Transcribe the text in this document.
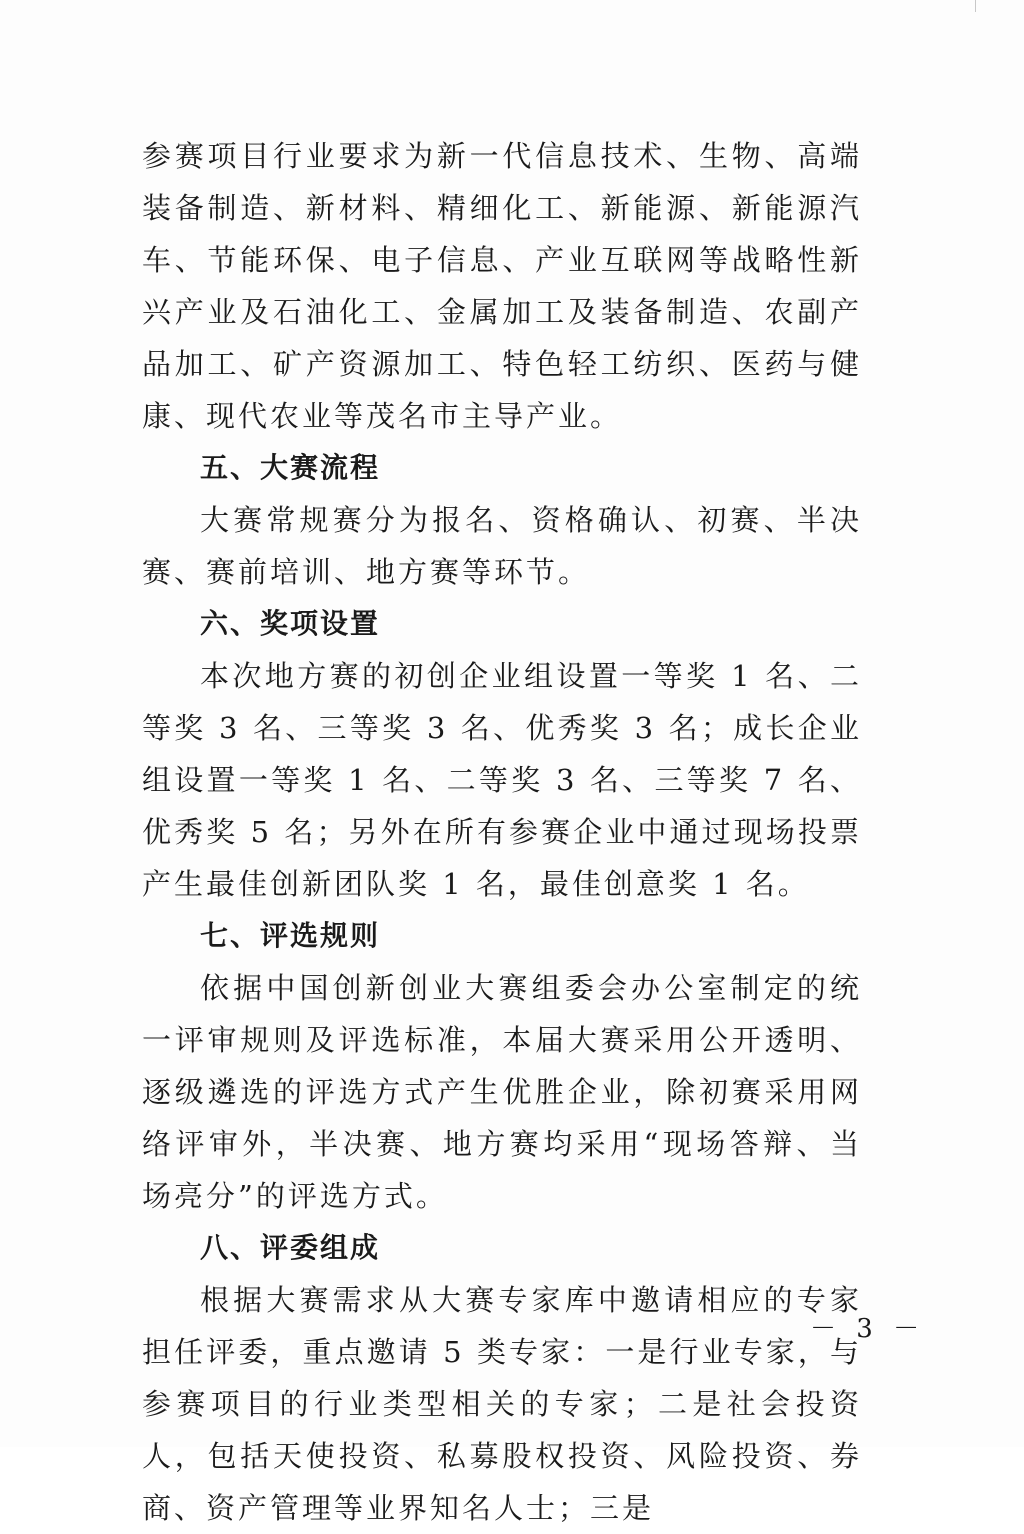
参赛项目行业要求为新一代信息技术、生物、高端装备制造、新材料、精细化工、新能源、新能源汽车、节能环保、电子信息、产业互联网等战略性新兴产业及石油化工、金属加工及装备制造、农副产品加工、矿产资源加工、特色轻工纺织、医药与健康、现代农业等茂名市主导产业。

五、大赛流程

大赛常规赛分为报名、资格确认、初赛、半决赛、赛前培训、地方赛等环节。

六、奖项设置

本次地方赛的初创企业组设置一等奖 1 名、二等奖 3 名、三等奖 3 名、优秀奖 3 名；成长企业组设置一等奖 1 名、二等奖 3 名、三等奖 7 名、优秀奖 5 名；另外在所有参赛企业中通过现场投票产生最佳创新团队奖 1 名，最佳创意奖 1 名。

七、评选规则

依据中国创新创业大赛组委会办公室制定的统一评审规则及评选标准，本届大赛采用公开透明、逐级遴选的评选方式产生优胜企业，除初赛采用网络评审外，半决赛、地方赛均采用“现场答辩、当场亮分”的评选方式。

八、评委组成

根据大赛需求从大赛专家库中邀请相应的专家担任评委，重点邀请 5 类专家：一是行业专家，与参赛项目的行业类型相关的专家；二是社会投资人，包括天使投资、私募股权投资、风险投资、券商、资产管理等业界知名人士；三是

－ 3 －
